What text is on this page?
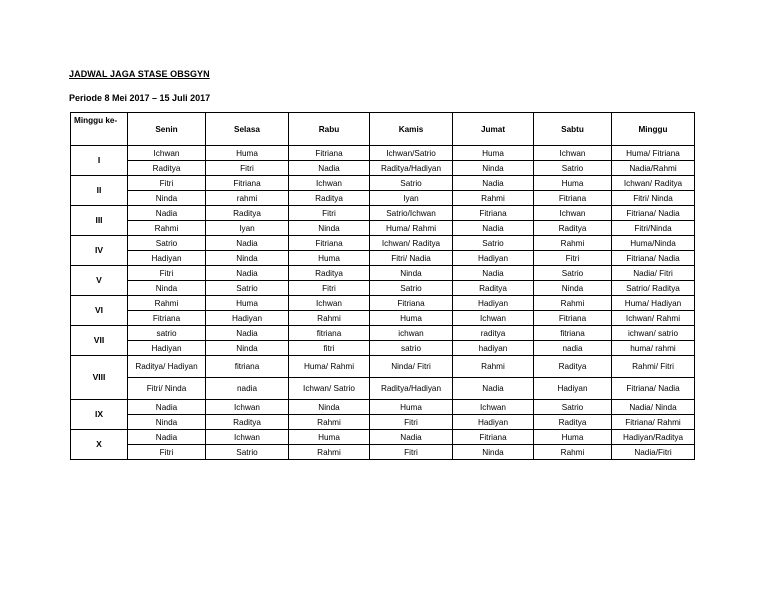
JADWAL JAGA STASE OBSGYN
Periode 8 Mei 2017 – 15 Juli 2017
Minggu ke-	Senin	Selasa	Rabu	Kamis	Jumat	Sabtu	Minggu
I	Ichwan	Huma	Fitriana	Ichwan/Satrio	Huma	Ichwan	Huma/ Fitriana
	Raditya	Fitri	Nadia	Raditya/Hadiyan	Ninda	Satrio	Nadia/Rahmi
II	Fitri	Fitriana	Ichwan	Satrio	Nadia	Huma	Ichwan/ Raditya
	Ninda	rahmi	Raditya	Iyan	Rahmi	Fitriana	Fitri/ Ninda
III	Nadia	Raditya	Fitri	Satrio/Ichwan	Fitriana	Ichwan	Fitriana/ Nadia
	Rahmi	Iyan	Ninda	Huma/ Rahmi	Nadia	Raditya	Fitri/Ninda
IV	Satrio	Nadia	Fitriana	Ichwan/ Raditya	Satrio	Rahmi	Huma/Ninda
	Hadiyan	Ninda	Huma	Fitri/ Nadia	Hadiyan	Fitri	Fitriana/ Nadia
V	Fitri	Nadia	Raditya	Ninda	Nadia	Satrio	Nadia/ Fitri
	Ninda	Satrio	Fitri	Satrio	Raditya	Ninda	Satrio/ Raditya
VI	Rahmi	Huma	Ichwan	Fitriana	Hadiyan	Rahmi	Huma/ Hadiyan
	Fitriana	Hadiyan	Rahmi	Huma	Ichwan	Fitriana	Ichwan/ Rahmi
VII	satrio	Nadia	fitriana	ichwan	raditya	fitriana	ichwan/ satrio
	Hadiyan	Ninda	fitri	satrio	hadiyan	nadia	huma/ rahmi
VIII	Raditya/ Hadiyan	fitriana	Huma/ Rahmi	Ninda/ Fitri	Rahmi	Raditya	Rahmi/ Fitri
	Fitri/ Ninda	nadia	Ichwan/ Satrio	Raditya/Hadiyan	Nadia	Hadiyan	Fitriana/ Nadia
IX	Nadia	Ichwan	Ninda	Huma	Ichwan	Satrio	Nadia/ Ninda
	Ninda	Raditya	Rahmi	Fitri	Hadiyan	Raditya	Fitriana/ Rahmi
X	Nadia	Ichwan	Huma	Nadia	Fitriana	Huma	Hadiyan/Raditya
	Fitri	Satrio	Rahmi	Fitri	Ninda	Rahmi	Nadia/Fitri
